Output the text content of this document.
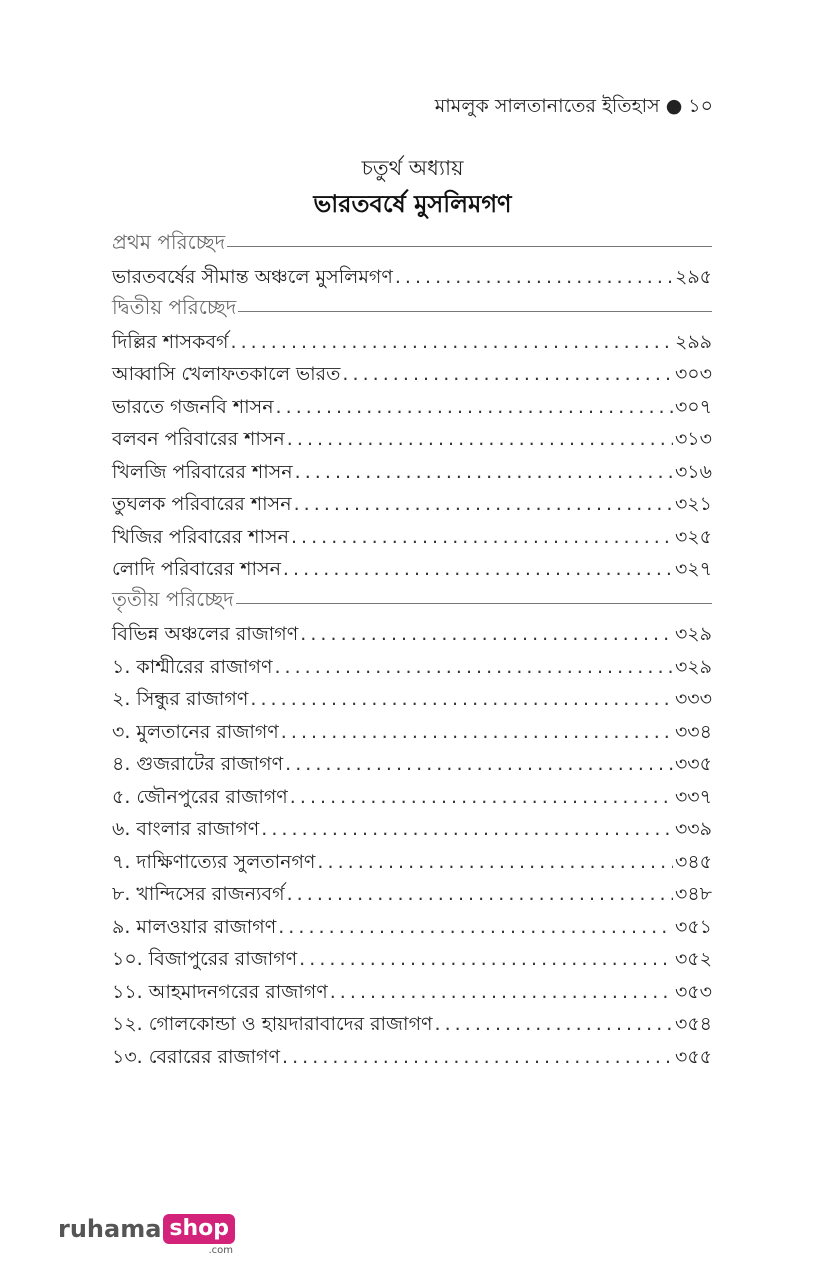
মামলুক সালতানাতের ইতিহাস ● ১০
চতুর্থ অধ্যায়
ভারতবর্ষে মুসলিমগণ
প্রথম পরিচ্ছেদ
ভারতবর্ষের সীমান্ত অঞ্চলে মুসলিমগণ . . .	২৯৫
দ্বিতীয় পরিচ্ছেদ
দিল্লির শাসকবর্গ . . .	২৯৯
আব্বাসি খেলাফতকালে ভারত . . .	৩০৩
ভারতে গজনবি শাসন . . .	৩০৭
বলবন পরিবারের শাসন . . .	৩১৩
খিলজি পরিবারের শাসন . . .	৩১৬
তুঘলক পরিবারের শাসন . . .	৩২১
খিজির পরিবারের শাসন . . .	৩২৫
লোদি পরিবারের শাসন . . .	৩২৭
তৃতীয় পরিচ্ছেদ
বিভিন্ন অঞ্চলের রাজাগণ . . .	৩২৯
১. কাশ্মীরের রাজাগণ . . .	৩২৯
২. সিন্ধুর রাজাগণ . . .	৩৩৩
৩. মুলতানের রাজাগণ . . .	৩৩৪
৪. গুজরাটের রাজাগণ . . .	৩৩৫
৫. জৌনপুরের রাজাগণ . . .	৩৩৭
৬. বাংলার রাজাগণ . . .	৩৩৯
৭. দাক্ষিণাত্যের সুলতানগণ . . .	৩৪৫
৮. খান্দিসের রাজন্যবর্গ . . .	৩৪৮
৯. মালওয়ার রাজাগণ . . .	৩৫১
১০. বিজাপুরের রাজাগণ . . .	৩৫২
১১. আহমাদনগরের রাজাগণ . . .	৩৫৩
১২. গোলকোন্ডা ও হায়দারাবাদের রাজাগণ . . .	৩৫৪
১৩. বেরারের রাজাগণ . . .	৩৫৫
ruhama shop
.com
